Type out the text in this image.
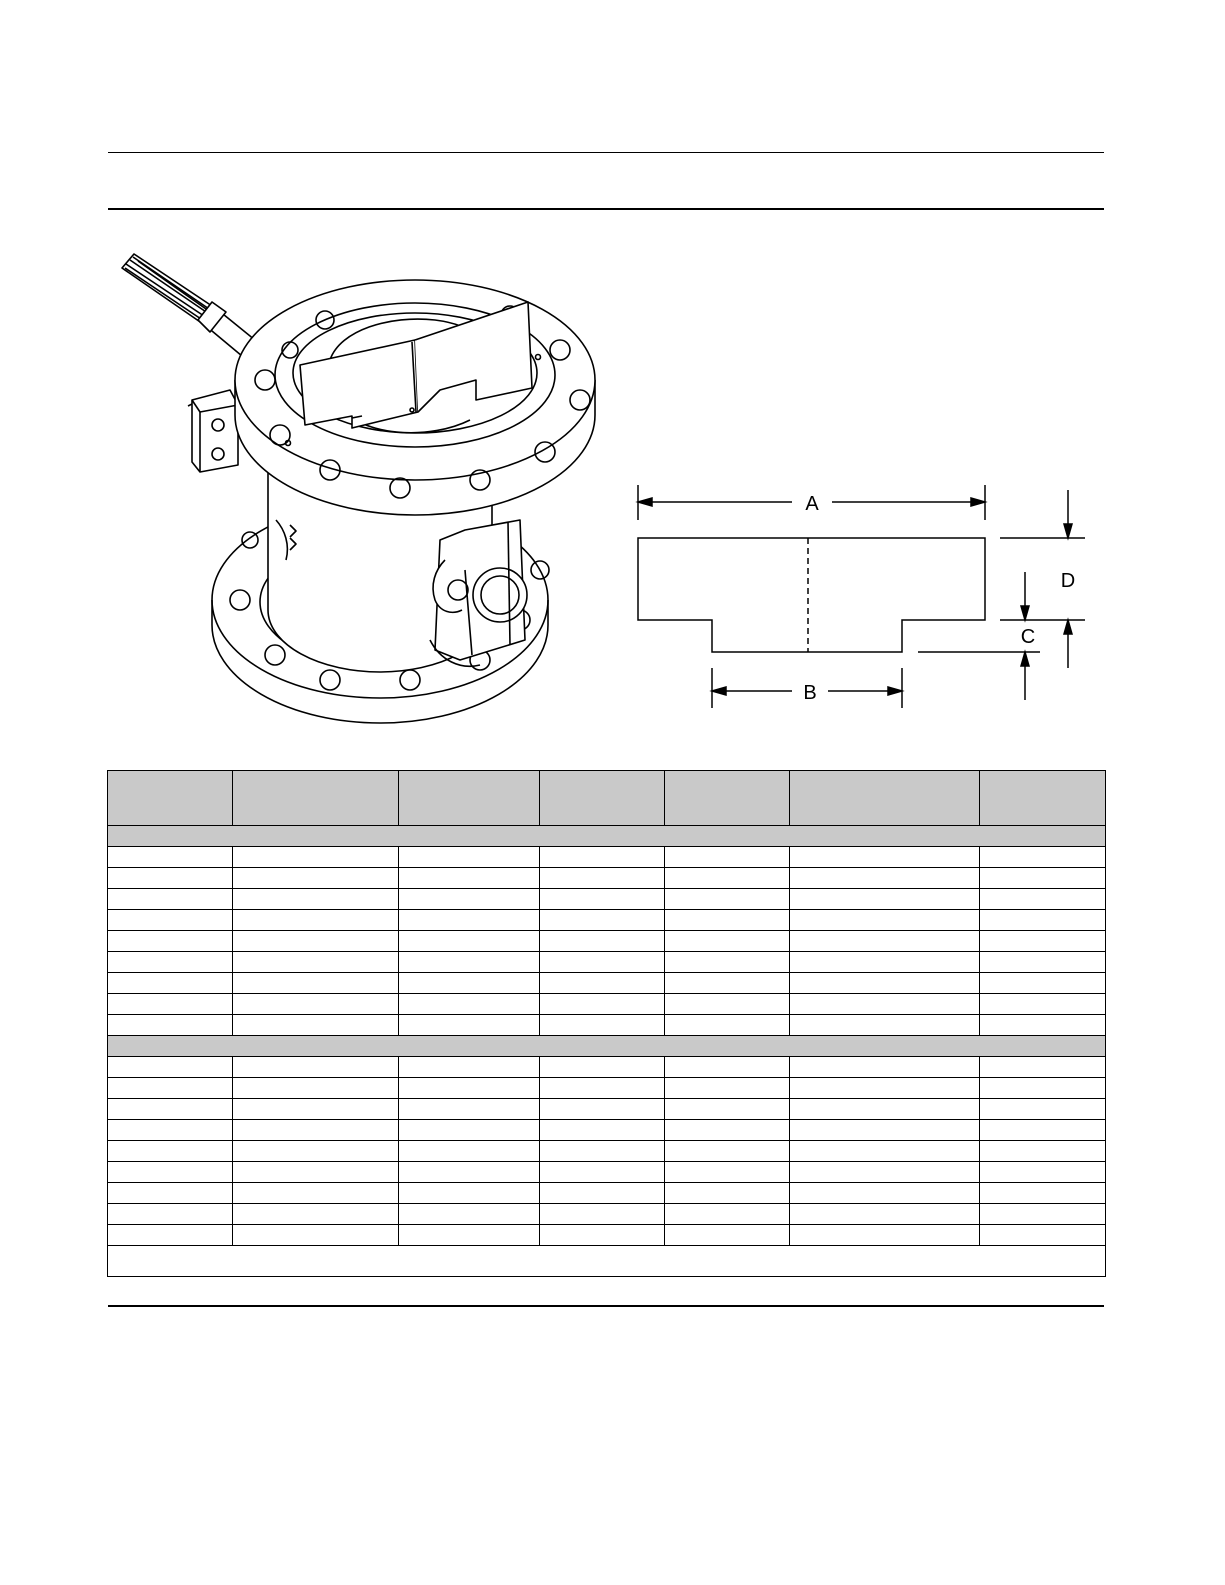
A
B
C
D
